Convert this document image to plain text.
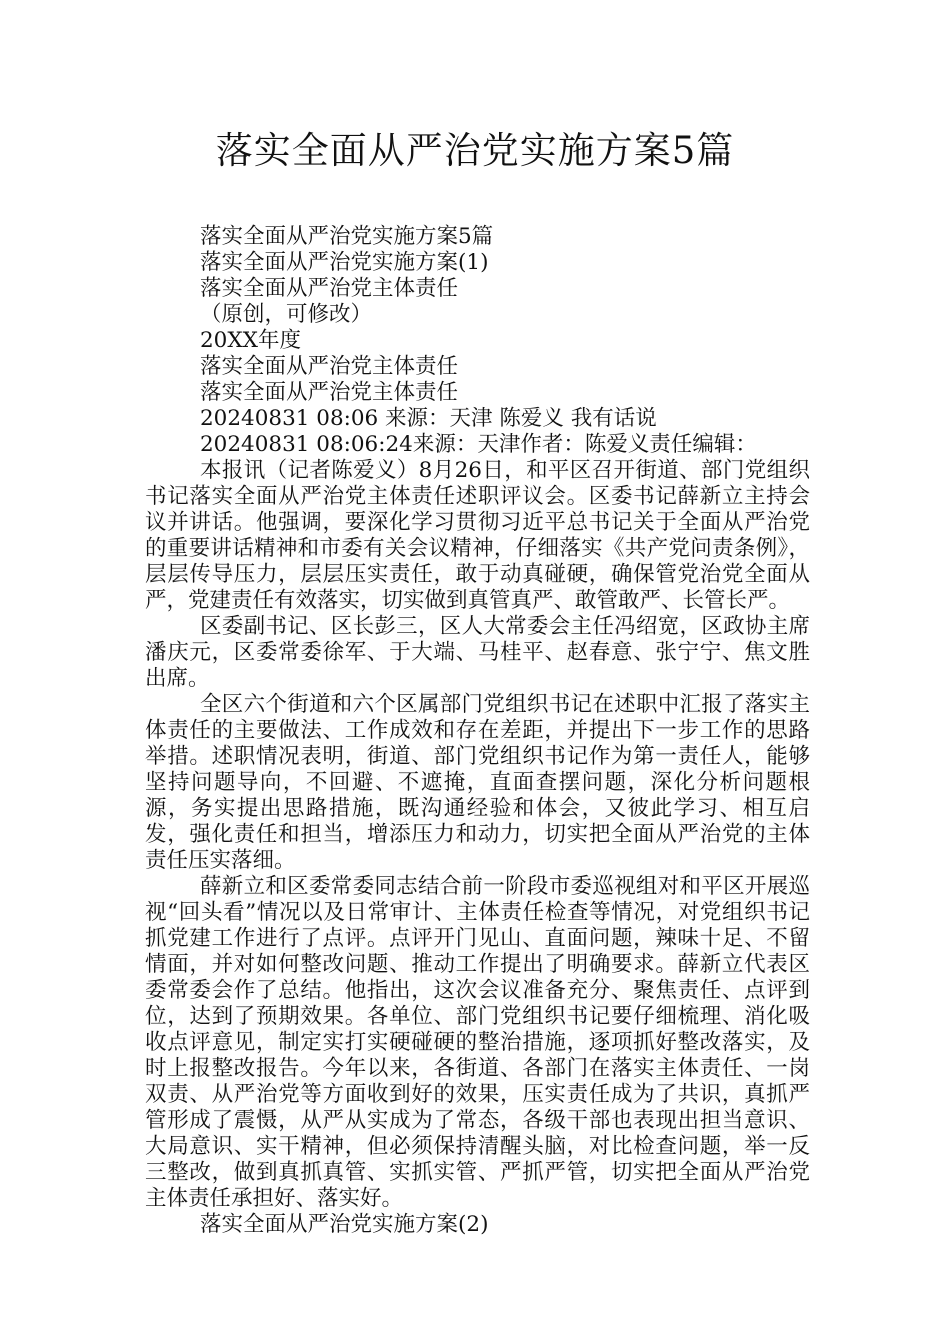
落实全面从严治党实施方案5篇
落实全面从严治党实施方案5篇
落实全面从严治党实施方案(1)
落实全面从严治党主体责任
（原创，可修改）
20XX年度
落实全面从严治党主体责任
落实全面从严治党主体责任
20240831 08:06 来源：天津 陈爱义 我有话说
20240831 08:06:24来源：天津作者：陈爱义责任编辑：

本报讯（记者陈爱义）8月26日，和平区召开街道、部门党组织书记落实全面从严治党主体责任述职评议会。区委书记薛新立主持会议并讲话。他强调，要深化学习贯彻习近平总书记关于全面从严治党的重要讲话精神和市委有关会议精神，仔细落实《共产党问责条例》，层层传导压力，层层压实责任，敢于动真碰硬，确保管党治党全面从严，党建责任有效落实，切实做到真管真严、敢管敢严、长管长严。

区委副书记、区长彭三，区人大常委会主任冯绍宽，区政协主席潘庆元，区委常委徐军、于大端、马桂平、赵春意、张宁宁、焦文胜出席。

全区六个街道和六个区属部门党组织书记在述职中汇报了落实主体责任的主要做法、工作成效和存在差距，并提出下一步工作的思路举措。述职情况表明，街道、部门党组织书记作为第一责任人，能够坚持问题导向，不回避、不遮掩，直面查摆问题，深化分析问题根源，务实提出思路措施，既沟通经验和体会，又彼此学习、相互启发，强化责任和担当，增添压力和动力，切实把全面从严治党的主体责任压实落细。

薛新立和区委常委同志结合前一阶段市委巡视组对和平区开展巡视“回头看”情况以及日常审计、主体责任检查等情况，对党组织书记抓党建工作进行了点评。点评开门见山、直面问题，辣味十足、不留情面，并对如何整改问题、推动工作提出了明确要求。薛新立代表区委常委会作了总结。他指出，这次会议准备充分、聚焦责任、点评到位，达到了预期效果。各单位、部门党组织书记要仔细梳理、消化吸收点评意见，制定实打实硬碰硬的整治措施，逐项抓好整改落实，及时上报整改报告。今年以来，各街道、各部门在落实主体责任、一岗双责、从严治党等方面收到好的效果，压实责任成为了共识，真抓严管形成了震慑，从严从实成为了常态，各级干部也表现出担当意识、大局意识、实干精神，但必须保持清醒头脑，对比检查问题，举一反三整改，做到真抓真管、实抓实管、严抓严管，切实把全面从严治党主体责任承担好、落实好。

落实全面从严治党实施方案(2)
